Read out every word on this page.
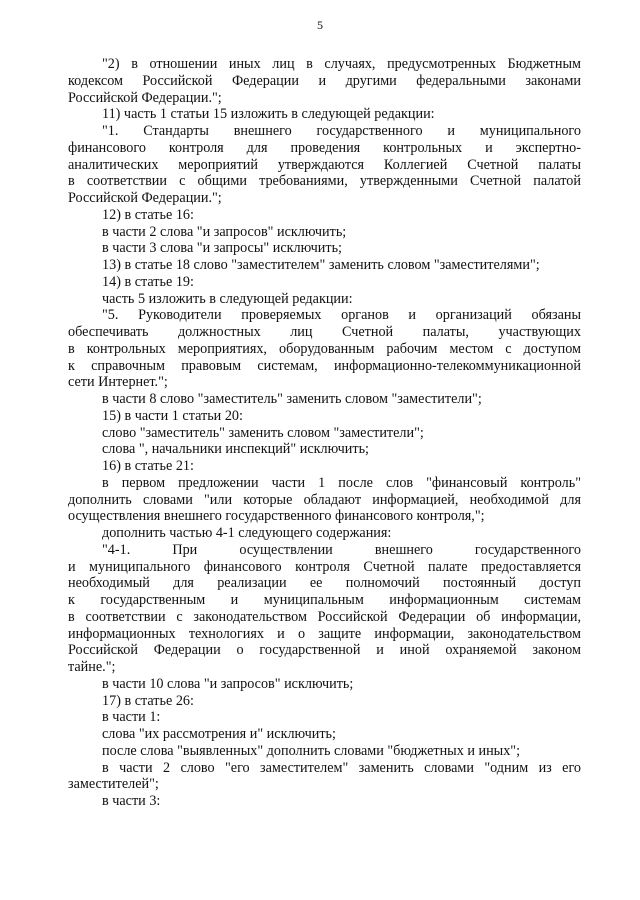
5
"2) в отношении иных лиц в случаях, предусмотренных Бюджетным
кодексом Российской Федерации и другими федеральными законами
Российской Федерации.";
11) часть 1 статьи 15 изложить в следующей редакции:
"1. Стандарты внешнего государственного и муниципального
финансового контроля для проведения контрольных и экспертно-
аналитических мероприятий утверждаются Коллегией Счетной палаты
в соответствии с общими требованиями, утвержденными Счетной палатой
Российской Федерации.";
12) в статье 16:
в части 2 слова "и запросов" исключить;
в части 3 слова "и запросы" исключить;
13) в статье 18 слово "заместителем" заменить словом "заместителями";
14) в статье 19:
часть 5 изложить в следующей редакции:
"5. Руководители проверяемых органов и организаций обязаны
обеспечивать должностных лиц Счетной палаты, участвующих
в контрольных мероприятиях, оборудованным рабочим местом с доступом
к справочным правовым системам, информационно-телекоммуникационной
сети Интернет.";
в части 8 слово "заместитель" заменить словом "заместители";
15) в части 1 статьи 20:
слово "заместитель" заменить словом "заместители";
слова ", начальники инспекций" исключить;
16) в статье 21:
в первом предложении части 1 после слов "финансовый контроль"
дополнить словами "или которые обладают информацией, необходимой для
осуществления внешнего государственного финансового контроля,";
дополнить частью 4-1 следующего содержания:
"4-1. При осуществлении внешнего государственного
и муниципального финансового контроля Счетной палате предоставляется
необходимый для реализации ее полномочий постоянный доступ
к государственным и муниципальным информационным системам
в соответствии с законодательством Российской Федерации об информации,
информационных технологиях и о защите информации, законодательством
Российской Федерации о государственной и иной охраняемой законом
тайне.";
в части 10 слова "и запросов" исключить;
17) в статье 26:
в части 1:
слова "их рассмотрения и" исключить;
после слова "выявленных" дополнить словами "бюджетных и иных";
в части 2 слово "его заместителем" заменить словами "одним из его
заместителей";
в части 3:
